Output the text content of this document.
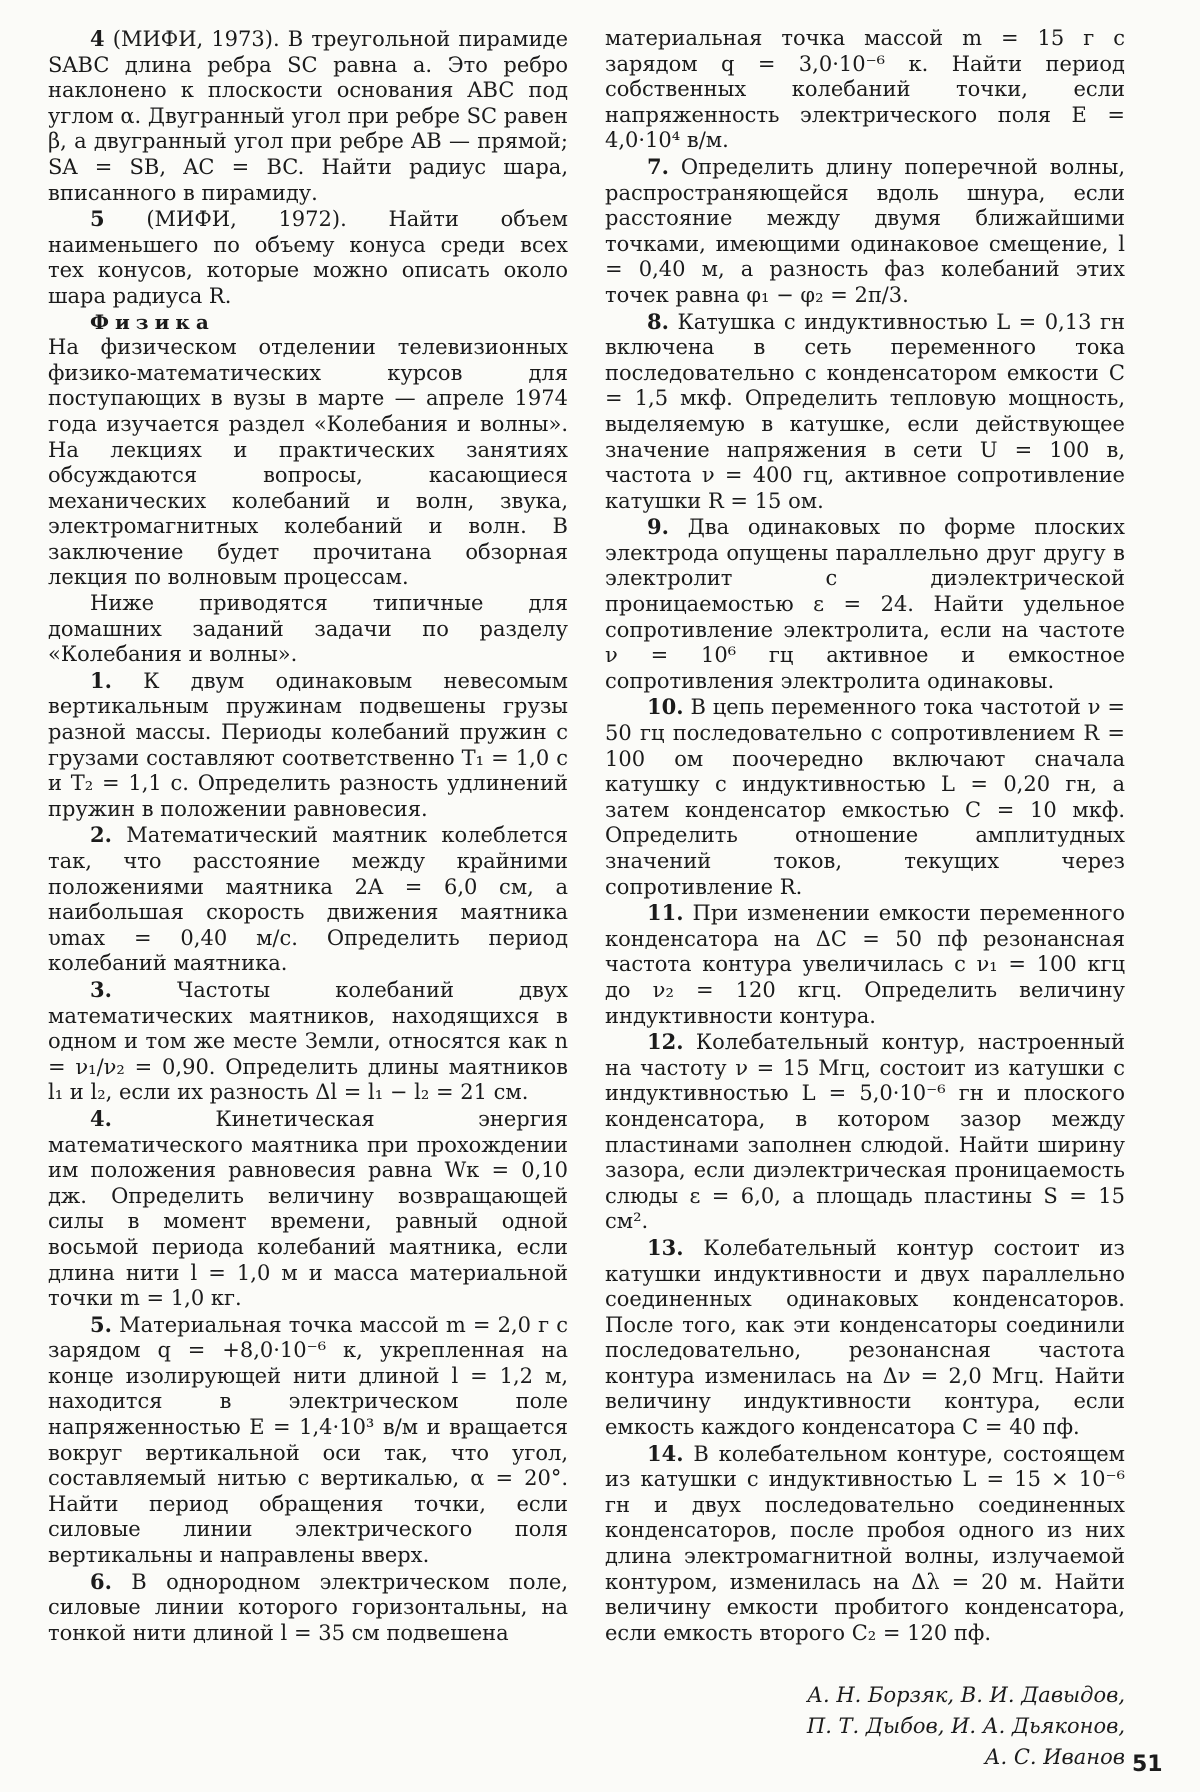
4 (МИФИ, 1973). В треугольной пирамиде SABC длина ребра SC равна a. Это ребро наклонено к плоскости основания ABC под углом α. Двугранный угол при ребре SC равен β, а двугранный угол при ребре AB — прямой; SA = SB, AC = BC. Найти радиус шара, вписанного в пирамиду.

5 (МИФИ, 1972). Найти объем наименьшего по объему конуса среди всех тех конусов, которые можно описать около шара радиуса R.

Физика

На физическом отделении телевизионных физико-математических курсов для поступающих в вузы в марте — апреле 1974 года изучается раздел «Колебания и волны». На лекциях и практических занятиях обсуждаются вопросы, касающиеся механических колебаний и волн, звука, электромагнитных колебаний и волн. В заключение будет прочитана обзорная лекция по волновым процессам.

Ниже приводятся типичные для домашних заданий задачи по разделу «Колебания и волны».

1. К двум одинаковым невесомым вертикальным пружинам подвешены грузы разной массы. Периоды колебаний пружин с грузами составляют соответственно T₁ = 1,0 с и T₂ = 1,1 с. Определить разность удлинений пружин в положении равновесия.

2. Математический маятник колеблется так, что расстояние между крайними положениями маятника 2A = 6,0 см, а наибольшая скорость движения маятника υmax = 0,40 м/с. Определить период колебаний маятника.

3. Частоты колебаний двух математических маятников, находящихся в одном и том же месте Земли, относятся как n = ν₁/ν₂ = 0,90. Определить длины маятников l₁ и l₂, если их разность Δl = l₁ − l₂ = 21 см.

4. Кинетическая энергия математического маятника при прохождении им положения равновесия равна Wк = 0,10 дж. Определить величину возвращающей силы в момент времени, равный одной восьмой периода колебаний маятника, если длина нити l = 1,0 м и масса материальной точки m = 1,0 кг.

5. Материальная точка массой m = 2,0 г с зарядом q = +8,0·10⁻⁶ к, укрепленная на конце изолирующей нити длиной l = 1,2 м, находится в электрическом поле напряженностью E = 1,4·10³ в/м и вращается вокруг вертикальной оси так, что угол, составляемый нитью с вертикалью, α = 20°. Найти период обращения точки, если силовые линии электрического поля вертикальны и направлены вверх.

6. В однородном электрическом поле, силовые линии которого горизонтальны, на тонкой нити длиной l = 35 см подвешена

материальная точка массой m = 15 г с зарядом q = 3,0·10⁻⁶ к. Найти период собственных колебаний точки, если напряженность электрического поля E = 4,0·10⁴ в/м.

7. Определить длину поперечной волны, распространяющейся вдоль шнура, если расстояние между двумя ближайшими точками, имеющими одинаковое смещение, l = 0,40 м, а разность фаз колебаний этих точек равна φ₁ − φ₂ = 2π/3.

8. Катушка с индуктивностью L = 0,13 гн включена в сеть переменного тока последовательно с конденсатором емкости C = 1,5 мкф. Определить тепловую мощность, выделяемую в катушке, если действующее значение напряжения в сети U = 100 в, частота ν = 400 гц, активное сопротивление катушки R = 15 ом.

9. Два одинаковых по форме плоских электрода опущены параллельно друг другу в электролит с диэлектрической проницаемостью ε = 24. Найти удельное сопротивление электролита, если на частоте ν = 10⁶ гц активное и емкостное сопротивления электролита одинаковы.

10. В цепь переменного тока частотой ν = 50 гц последовательно с сопротивлением R = 100 ом поочередно включают сначала катушку с индуктивностью L = 0,20 гн, а затем конденсатор емкостью C = 10 мкф. Определить отношение амплитудных значений токов, текущих через сопротивление R.

11. При изменении емкости переменного конденсатора на ΔC = 50 пф резонансная частота контура увеличилась с ν₁ = 100 кгц до ν₂ = 120 кгц. Определить величину индуктивности контура.

12. Колебательный контур, настроенный на частоту ν = 15 Мгц, состоит из катушки с индуктивностью L = 5,0·10⁻⁶ гн и плоского конденсатора, в котором зазор между пластинами заполнен слюдой. Найти ширину зазора, если диэлектрическая проницаемость слюды ε = 6,0, а площадь пластины S = 15 см².

13. Колебательный контур состоит из катушки индуктивности и двух параллельно соединенных одинаковых конденсаторов. После того, как эти конденсаторы соединили последовательно, резонансная частота контура изменилась на Δν = 2,0 Мгц. Найти величину индуктивности контура, если емкость каждого конденсатора C = 40 пф.

14. В колебательном контуре, состоящем из катушки с индуктивностью L = 15 × 10⁻⁶ гн и двух последовательно соединенных конденсаторов, после пробоя одного из них длина электромагнитной волны, излучаемой контуром, изменилась на Δλ = 20 м. Найти величину емкости пробитого конденсатора, если емкость второго C₂ = 120 пф.

А. Н. Борзяк, В. И. Давыдов,
П. Т. Дыбов, И. А. Дьяконов,
А. С. Иванов 51
